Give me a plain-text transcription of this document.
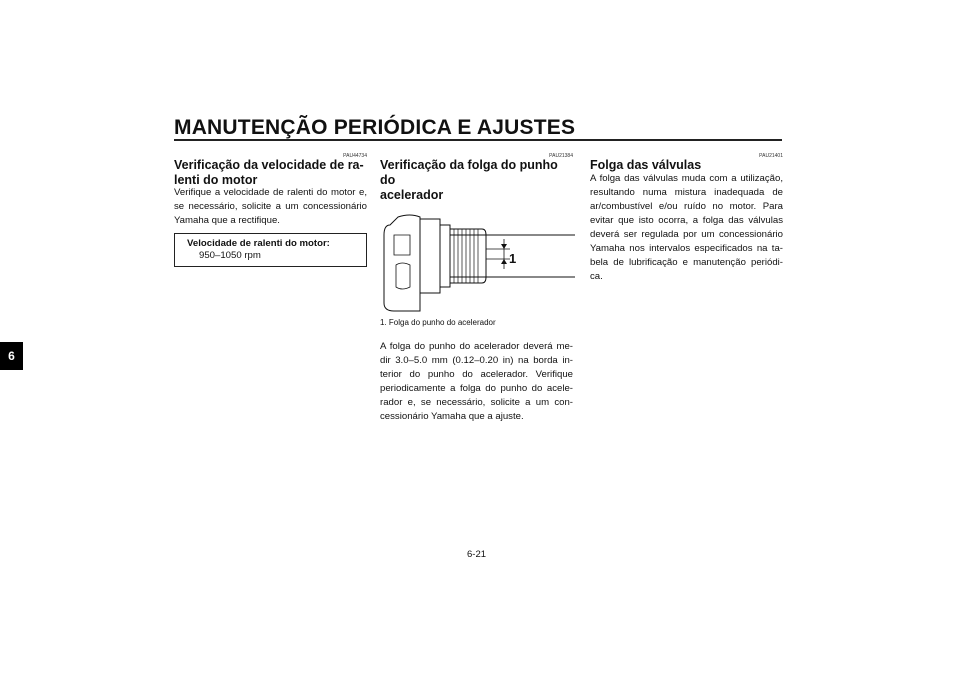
MANUTENÇÃO PERIÓDICA E AJUSTES
6
PAU44734
Verificação da velocidade de ra-
lenti do motor
Verifique a velocidade de ralenti do motor e,
se necessário, solicite a um concessionário
Yamaha que a rectifique.
Velocidade de ralenti do motor:
950–1050 rpm
PAU21384
Verificação da folga do punho do
acelerador
1
1. Folga do punho do acelerador
A folga do punho do acelerador deverá me-
dir 3.0–5.0 mm (0.12–0.20 in) na borda in-
terior do punho do acelerador. Verifique
periodicamente a folga do punho do acele-
rador e, se necessário, solicite a um con-
cessionário Yamaha que a ajuste.
PAU21401
Folga das válvulas
A folga das válvulas muda com a utilização,
resultando numa mistura inadequada de
ar/combustível e/ou ruído no motor. Para
evitar que isto ocorra, a folga das válvulas
deverá ser regulada por um concessionário
Yamaha nos intervalos especificados na ta-
bela de lubrificação e manutenção periódi-
ca.
6-21
